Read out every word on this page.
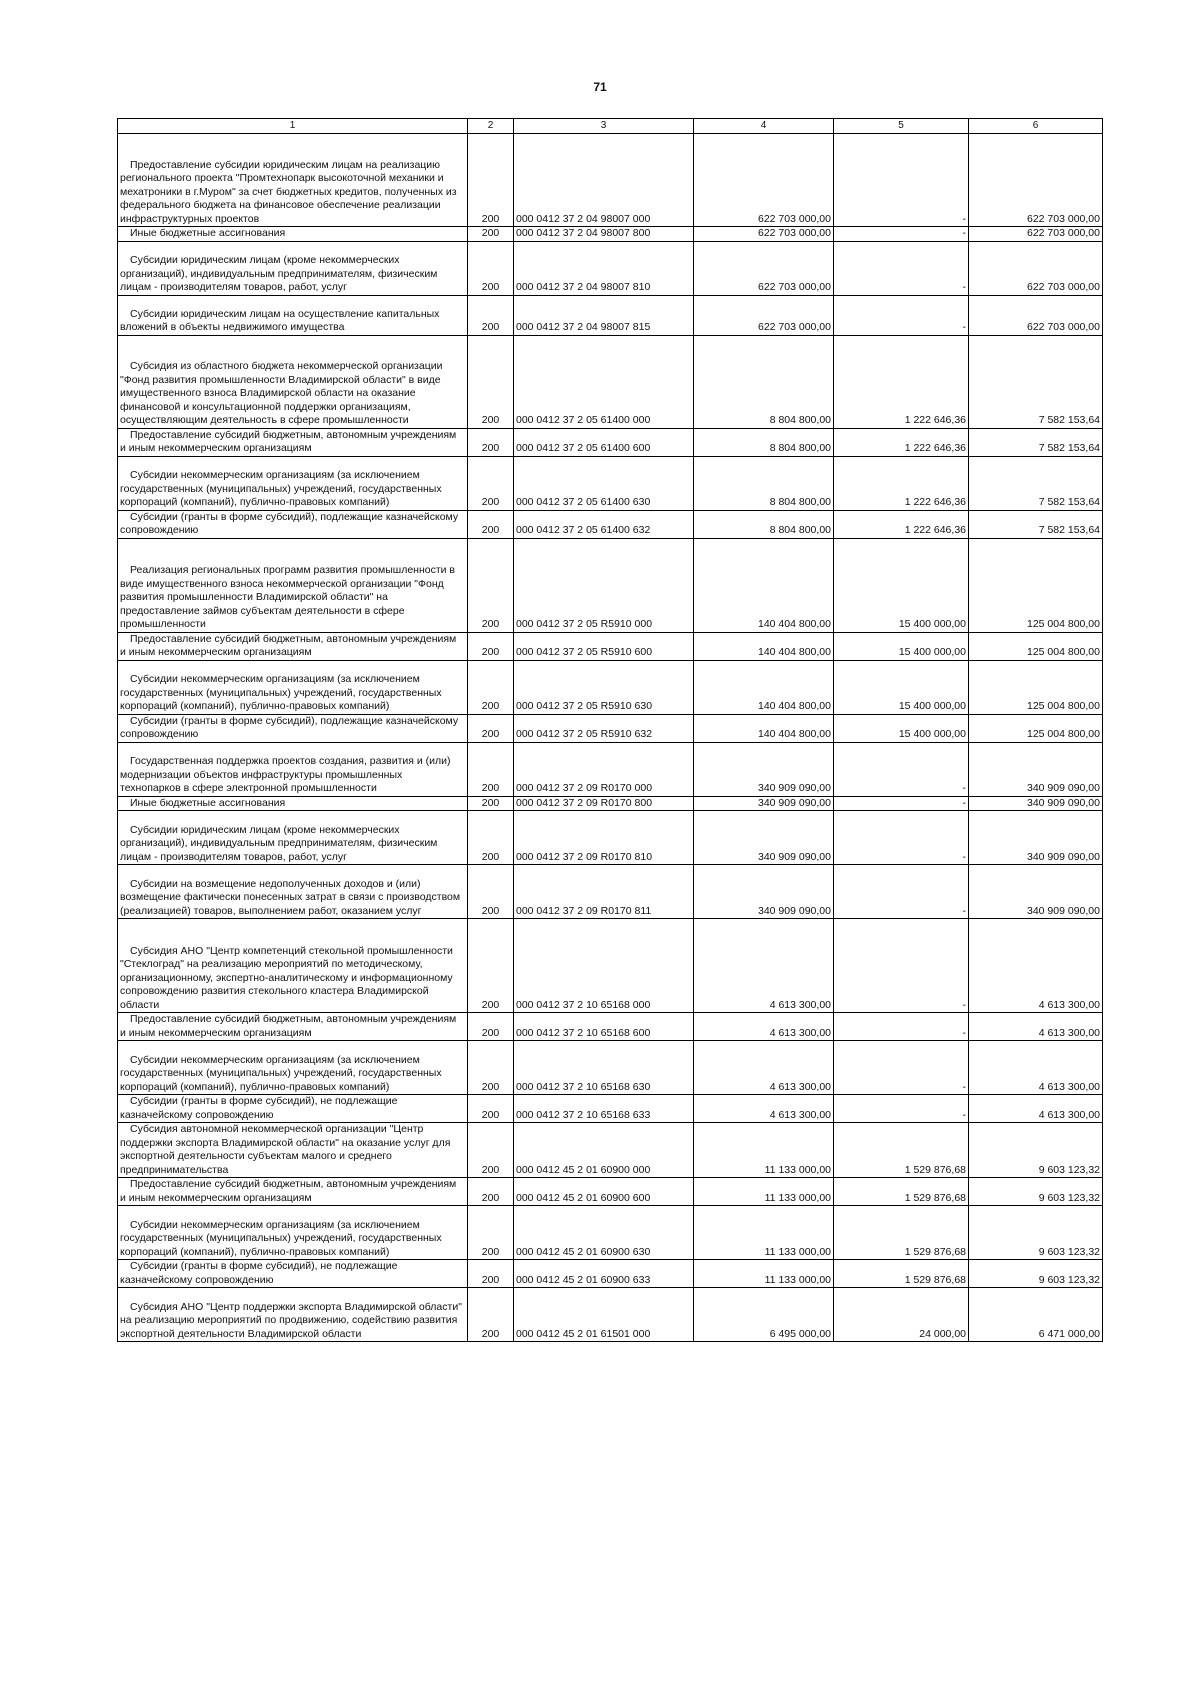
71
1	2	3	4	5	6
Предоставление субсидии юридическим лицам на реализацию регионального проекта "Промтехнопарк высокоточной механики и мехатроники в г.Муром" за счет бюджетных кредитов, полученных из федерального бюджета на финансовое обеспечение реализации инфраструктурных проектов	200	000 0412 37 2 04 98007 000	622 703 000,00	-	622 703 000,00
Иные бюджетные ассигнования	200	000 0412 37 2 04 98007 800	622 703 000,00	-	622 703 000,00
Субсидии юридическим лицам (кроме некоммерческих организаций), индивидуальным предпринимателям, физическим лицам - производителям товаров, работ, услуг	200	000 0412 37 2 04 98007 810	622 703 000,00	-	622 703 000,00
Субсидии юридическим лицам на осуществление капитальных вложений в объекты недвижимого имущества	200	000 0412 37 2 04 98007 815	622 703 000,00	-	622 703 000,00
Субсидия из областного бюджета некоммерческой организации "Фонд развития промышленности Владимирской области" в виде имущественного взноса Владимирской области на оказание финансовой и консультационной поддержки организациям, осуществляющим деятельность в сфере промышленности	200	000 0412 37 2 05 61400 000	8 804 800,00	1 222 646,36	7 582 153,64
Предоставление субсидий бюджетным, автономным учреждениям и иным некоммерческим организациям	200	000 0412 37 2 05 61400 600	8 804 800,00	1 222 646,36	7 582 153,64
Субсидии некоммерческим организациям (за исключением государственных (муниципальных) учреждений, государственных корпораций (компаний), публично-правовых компаний)	200	000 0412 37 2 05 61400 630	8 804 800,00	1 222 646,36	7 582 153,64
Субсидии (гранты в форме субсидий), подлежащие казначейскому сопровождению	200	000 0412 37 2 05 61400 632	8 804 800,00	1 222 646,36	7 582 153,64
Реализация региональных программ развития промышленности в виде имущественного взноса некоммерческой организации "Фонд развития промышленности Владимирской области" на предоставление займов субъектам деятельности в сфере промышленности	200	000 0412 37 2 05 R5910 000	140 404 800,00	15 400 000,00	125 004 800,00
Предоставление субсидий бюджетным, автономным учреждениям и иным некоммерческим организациям	200	000 0412 37 2 05 R5910 600	140 404 800,00	15 400 000,00	125 004 800,00
Субсидии некоммерческим организациям (за исключением государственных (муниципальных) учреждений, государственных корпораций (компаний), публично-правовых компаний)	200	000 0412 37 2 05 R5910 630	140 404 800,00	15 400 000,00	125 004 800,00
Субсидии (гранты в форме субсидий), подлежащие казначейскому сопровождению	200	000 0412 37 2 05 R5910 632	140 404 800,00	15 400 000,00	125 004 800,00
Государственная поддержка проектов создания, развития и (или) модернизации объектов инфраструктуры промышленных технопарков в сфере электронной промышленности	200	000 0412 37 2 09 R0170 000	340 909 090,00	-	340 909 090,00
Иные бюджетные ассигнования	200	000 0412 37 2 09 R0170 800	340 909 090,00	-	340 909 090,00
Субсидии юридическим лицам (кроме некоммерческих организаций), индивидуальным предпринимателям, физическим лицам - производителям товаров, работ, услуг	200	000 0412 37 2 09 R0170 810	340 909 090,00	-	340 909 090,00
Субсидии на возмещение недополученных доходов и (или) возмещение фактически понесенных затрат в связи с производством (реализацией) товаров, выполнением работ, оказанием услуг	200	000 0412 37 2 09 R0170 811	340 909 090,00	-	340 909 090,00
Субсидия АНО "Центр компетенций стекольной промышленности "Стеклоград" на реализацию мероприятий по методическому, организационному, экспертно-аналитическому и информационному сопровождению развития стекольного кластера Владимирской области	200	000 0412 37 2 10 65168 000	4 613 300,00	-	4 613 300,00
Предоставление субсидий бюджетным, автономным учреждениям и иным некоммерческим организациям	200	000 0412 37 2 10 65168 600	4 613 300,00	-	4 613 300,00
Субсидии некоммерческим организациям (за исключением государственных (муниципальных) учреждений, государственных корпораций (компаний), публично-правовых компаний)	200	000 0412 37 2 10 65168 630	4 613 300,00	-	4 613 300,00
Субсидии (гранты в форме субсидий), не подлежащие казначейскому сопровождению	200	000 0412 37 2 10 65168 633	4 613 300,00	-	4 613 300,00
Субсидия автономной некоммерческой организации "Центр поддержки экспорта Владимирской области" на оказание услуг для экспортной деятельности субъектам малого и среднего предпринимательства	200	000 0412 45 2 01 60900 000	11 133 000,00	1 529 876,68	9 603 123,32
Предоставление субсидий бюджетным, автономным учреждениям и иным некоммерческим организациям	200	000 0412 45 2 01 60900 600	11 133 000,00	1 529 876,68	9 603 123,32
Субсидии некоммерческим организациям (за исключением государственных (муниципальных) учреждений, государственных корпораций (компаний), публично-правовых компаний)	200	000 0412 45 2 01 60900 630	11 133 000,00	1 529 876,68	9 603 123,32
Субсидии (гранты в форме субсидий), не подлежащие казначейскому сопровождению	200	000 0412 45 2 01 60900 633	11 133 000,00	1 529 876,68	9 603 123,32
Субсидия АНО "Центр поддержки экспорта Владимирской области" на реализацию мероприятий по продвижению, содействию развития экспортной деятельности Владимирской области	200	000 0412 45 2 01 61501 000	6 495 000,00	24 000,00	6 471 000,00
